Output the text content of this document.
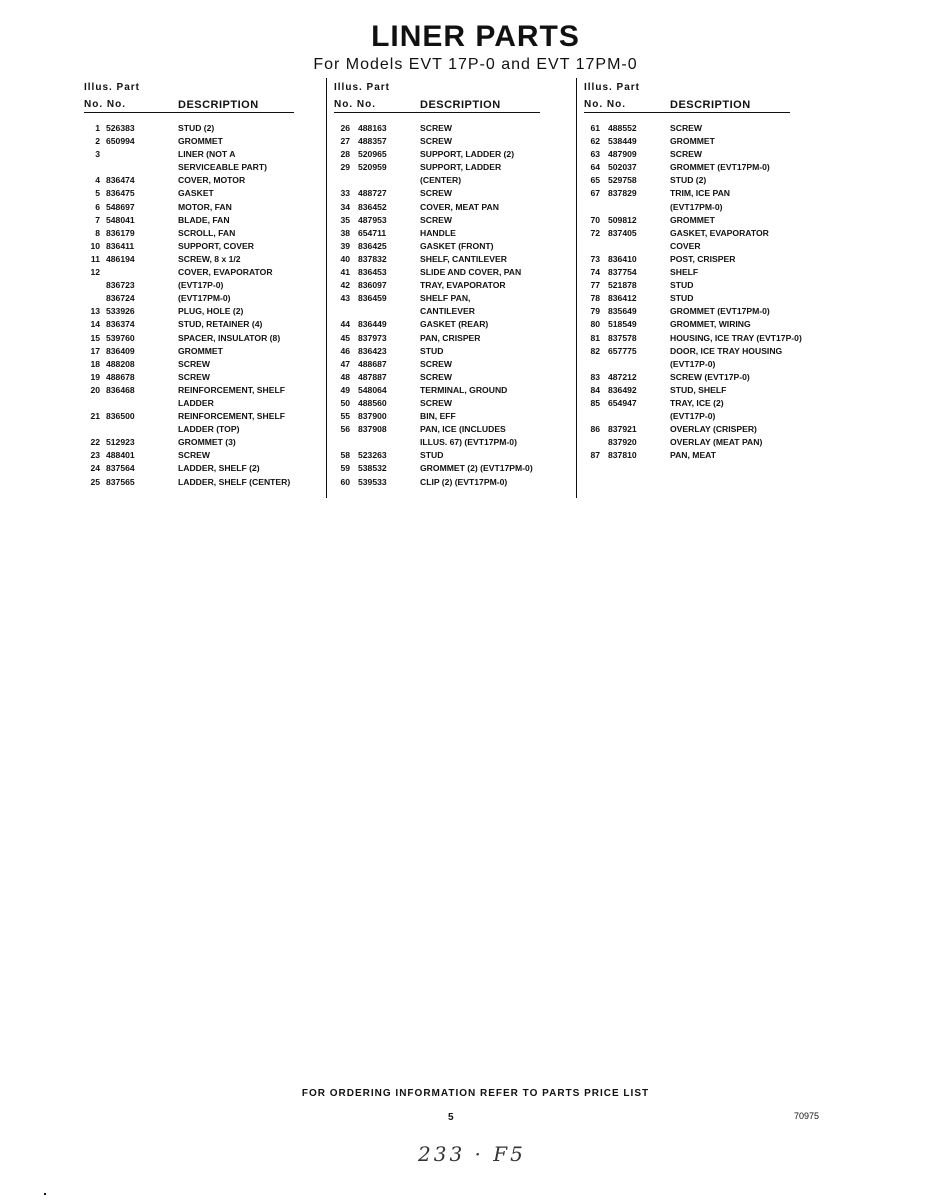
LINER PARTS
For Models EVT 17P-0 and EVT 17PM-0
Illus. Part
No. No.	DESCRIPTION
1 526383	STUD (2)
2 650994	GROMMET
3	LINER (NOT A
SERVICEABLE PART)
4 836474	COVER, MOTOR
5 836475	GASKET
6 548697	MOTOR, FAN
7 548041	BLADE, FAN
8 836179	SCROLL, FAN
10 836411	SUPPORT, COVER
11 486194	SCREW, 8 x 1/2
12	COVER, EVAPORATOR
836723	(EVT17P-0)
836724	(EVT17PM-0)
13 533926	PLUG, HOLE (2)
14 836374	STUD, RETAINER (4)
15 539760	SPACER, INSULATOR (8)
17 836409	GROMMET
18 488208	SCREW
19 488678	SCREW
20 836468	REINFORCEMENT, SHELF
LADDER
21 836500	REINFORCEMENT, SHELF
LADDER (TOP)
22 512923	GROMMET (3)
23 488401	SCREW
24 837564	LADDER, SHELF (2)
25 837565	LADDER, SHELF (CENTER)
Illus. Part
No. No.	DESCRIPTION
26 488163	SCREW
27 488357	SCREW
28 520965	SUPPORT, LADDER (2)
29 520959	SUPPORT, LADDER
(CENTER)
33 488727	SCREW
34 836452	COVER, MEAT PAN
35 487953	SCREW
38 654711	HANDLE
39 836425	GASKET (FRONT)
40 837832	SHELF, CANTILEVER
41 836453	SLIDE AND COVER, PAN
42 836097	TRAY, EVAPORATOR
43 836459	SHELF PAN,
CANTILEVER
44 836449	GASKET (REAR)
45 837973	PAN, CRISPER
46 836423	STUD
47 488687	SCREW
48 487887	SCREW
49 548064	TERMINAL, GROUND
50 488560	SCREW
55 837900	BIN, EFF
56 837908	PAN, ICE (INCLUDES
ILLUS. 67) (EVT17PM-0)
58 523263	STUD
59 538532	GROMMET (2) (EVT17PM-0)
60 539533	CLIP (2) (EVT17PM-0)
Illus. Part
No. No.	DESCRIPTION
61 488552	SCREW
62 538449	GROMMET
63 487909	SCREW
64 502037	GROMMET (EVT17PM-0)
65 529758	STUD (2)
67 837829	TRIM, ICE PAN
(EVT17PM-0)
70 509812	GROMMET
72 837405	GASKET, EVAPORATOR
COVER
73 836410	POST, CRISPER
74 837754	SHELF
77 521878	STUD
78 836412	STUD
79 835649	GROMMET (EVT17PM-0)
80 518549	GROMMET, WIRING
81 837578	HOUSING, ICE TRAY (EVT17P-0)
82 657775	DOOR, ICE TRAY HOUSING
(EVT17P-0)
83 487212	SCREW (EVT17P-0)
84 836492	STUD, SHELF
85 654947	TRAY, ICE (2)
(EVT17P-0)
86 837921	OVERLAY (CRISPER)
837920	OVERLAY (MEAT PAN)
87 837810	PAN, MEAT
FOR ORDERING INFORMATION REFER TO PARTS PRICE LIST
5	70975
233 · F5
